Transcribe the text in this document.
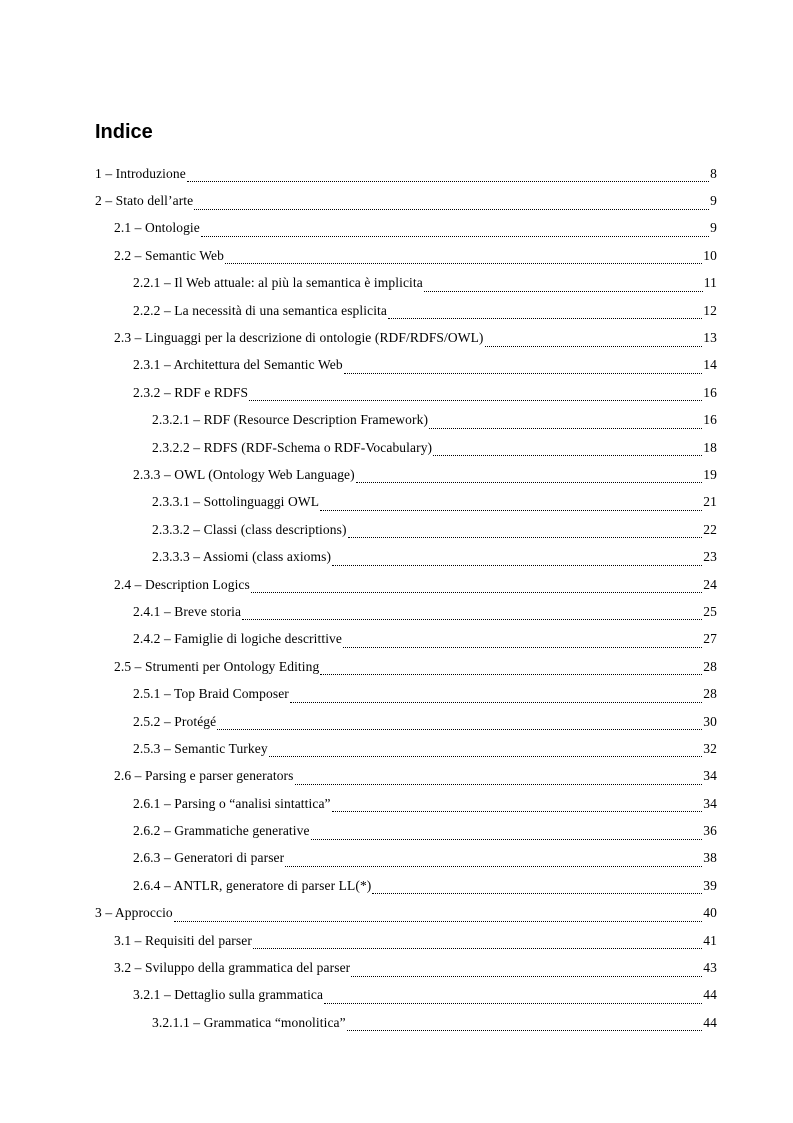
Indice
1 – Introduzione	8
2 – Stato dell’arte	9
2.1 – Ontologie	9
2.2 – Semantic Web	10
2.2.1 – Il Web attuale: al più la semantica è implicita	11
2.2.2 – La necessità di una semantica esplicita	12
2.3 – Linguaggi per la descrizione di ontologie (RDF/RDFS/OWL)	13
2.3.1 – Architettura del Semantic Web	14
2.3.2 – RDF e RDFS	16
2.3.2.1 – RDF (Resource Description Framework)	16
2.3.2.2 – RDFS (RDF-Schema o RDF-Vocabulary)	18
2.3.3 – OWL (Ontology Web Language)	19
2.3.3.1 – Sottolinguaggi OWL	21
2.3.3.2 – Classi (class descriptions)	22
2.3.3.3 – Assiomi (class axioms)	23
2.4 – Description Logics	24
2.4.1 – Breve storia	25
2.4.2 – Famiglie di logiche descrittive	27
2.5 – Strumenti per Ontology Editing	28
2.5.1 – Top Braid Composer	28
2.5.2 – Protégé	30
2.5.3 – Semantic Turkey	32
2.6 – Parsing e parser generators	34
2.6.1 – Parsing o “analisi sintattica”	34
2.6.2 – Grammatiche generative	36
2.6.3 – Generatori di parser	38
2.6.4 – ANTLR, generatore di parser LL(*)	39
3 – Approccio	40
3.1 – Requisiti del parser	41
3.2 – Sviluppo della grammatica del parser	43
3.2.1 – Dettaglio sulla grammatica	44
3.2.1.1 – Grammatica “monolitica”	44
